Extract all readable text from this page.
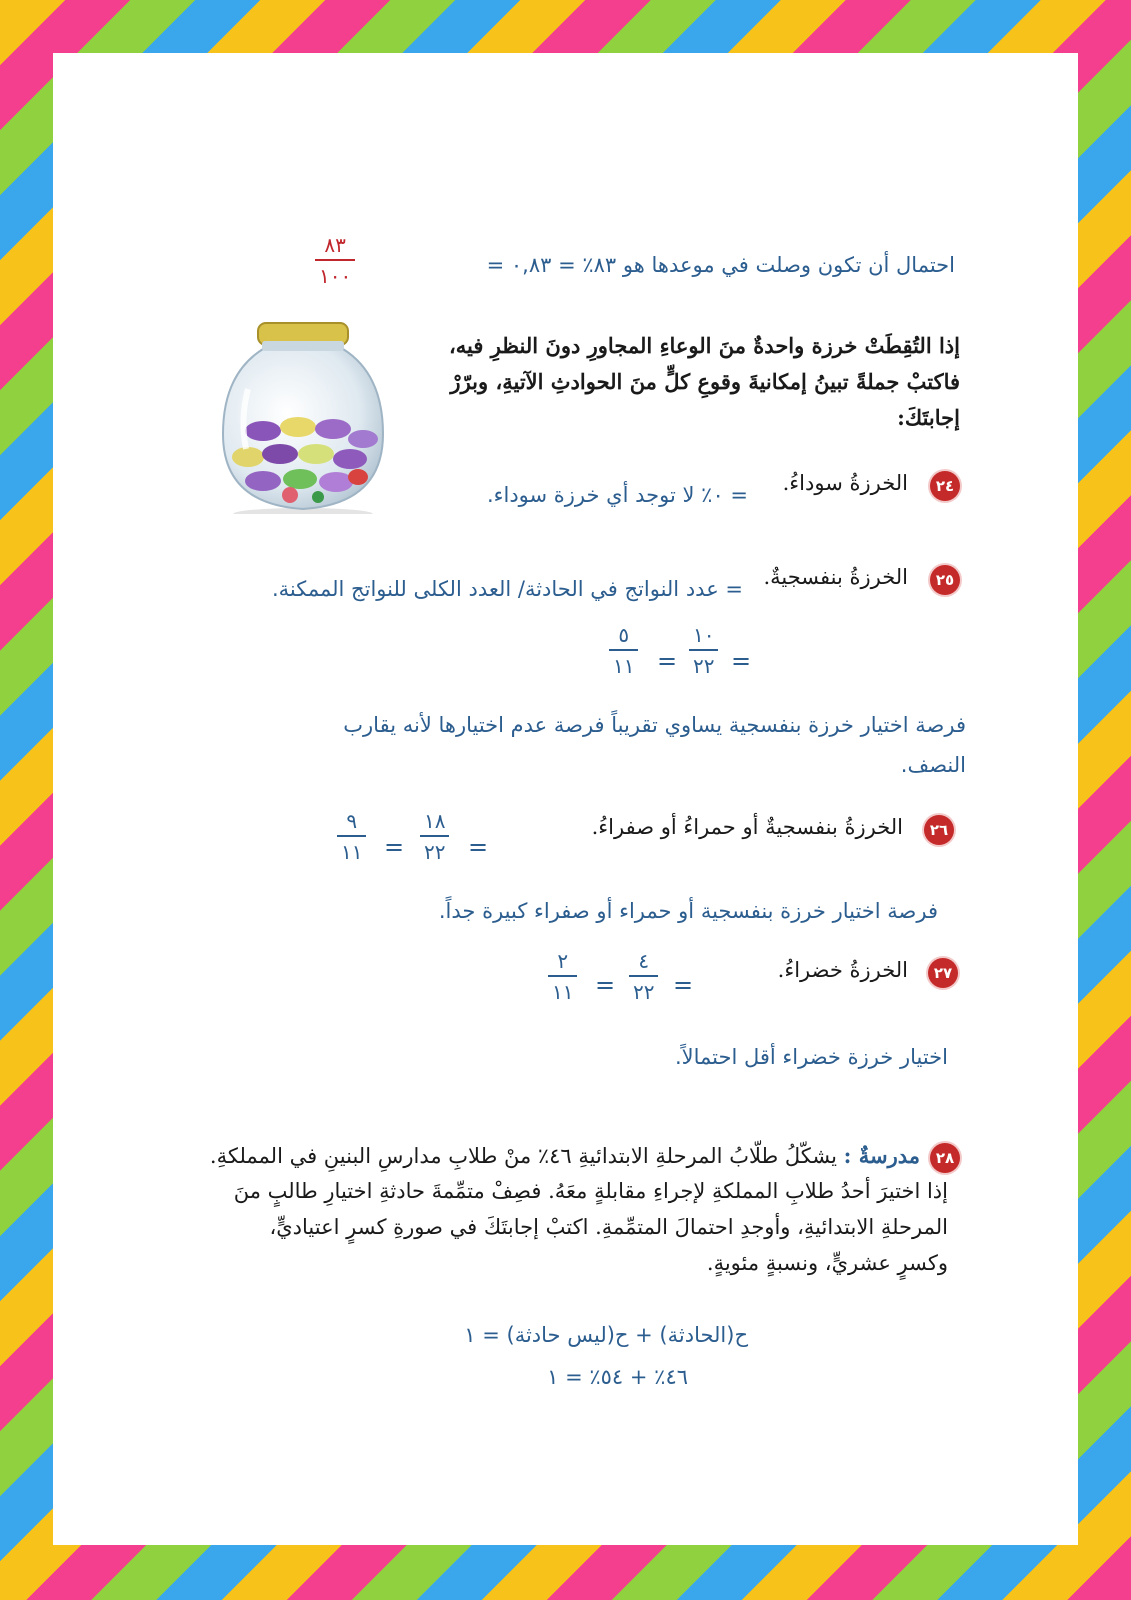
احتمال أن تكون وصلت في موعدها هو ٨٣٪ = ٠,٨٣ =
٨٣
١٠٠
إذا التُقِطَتْ خرزة واحدةٌ منَ الوعاءِ المجاورِ دونَ النظرِ فيه،
فاكتبْ جملةً تبينُ إمكانيةَ وقوعِ كلٍّ منَ الحوادثِ الآتيةِ، وبرّرْ
إجابتَكَ:
٢٤
الخرزةُ سوداءُ.
= ٠٪ لا توجد أي خرزة سوداء.
٢٥
الخرزةُ بنفسجيةٌ.
= عدد النواتج في الحادثة/ العدد الكلى للنواتج الممكنة.
=
١٠
٢٢
=
٥
١١
فرصة اختيار خرزة بنفسجية يساوي تقريباً فرصة عدم اختيارها لأنه يقارب
النصف.
٢٦
الخرزةُ بنفسجيةٌ أو حمراءُ أو صفراءُ.
=
١٨
٢٢
=
٩
١١
فرصة اختيار خرزة بنفسجية أو حمراء أو صفراء كبيرة جداً.
٢٧
الخرزةُ خضراءُ.
=
٤
٢٢
=
٢
١١
اختيار خرزة خضراء أقل احتمالاً.
٢٨
مدرسةٌ : يشكّلُ طلّابُ المرحلةِ الابتدائيةِ ٤٦٪ منْ طلابِ مدارسِ البنينِ في المملكةِ.
إذا اختيرَ أحدُ طلابِ المملكةِ لإجراءِ مقابلةٍ معَهُ. فصِفْ متمِّمةَ حادثةِ اختيارِ طالبٍ منَ
المرحلةِ الابتدائيةِ، وأوجدِ احتمالَ المتمِّمةِ. اكتبْ إجابتَكَ في صورةِ كسرٍ اعتياديٍّ،
وكسرٍ عشريٍّ، ونسبةٍ مئويةٍ.
ح(الحادثة) + ح(ليس حادثة) = ١
٤٦٪ + ٥٤٪ = ١
